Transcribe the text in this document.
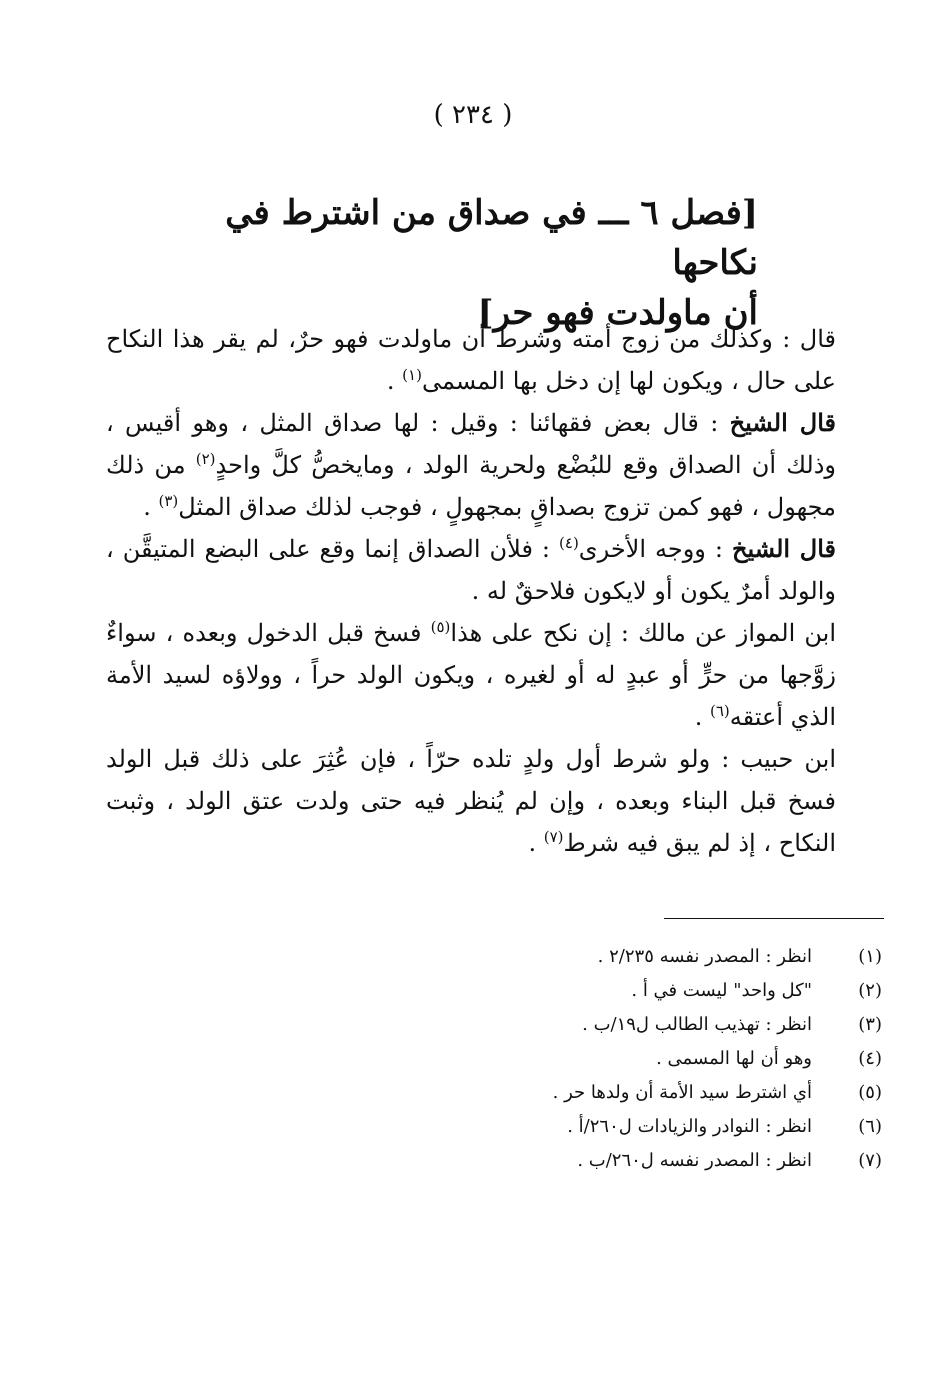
( ٢٣٤ )
[فصل ٦ ـــ في صداق من اشترط في نكاحها
أن ماولدت فهو حر]

قال : وكذلك من زوج أمته وشرط أن ماولدت فهو حرٌ، لم يقر هذا النكاح على حال ، ويكون لها إن دخل بها المسمى$^{(١)}$ .

قال الشيخ : قال بعض فقهائنا : وقيل : لها صداق المثل ، وهو أقيس ، وذلك أن الصداق وقع للبُضْع ولحرية الولد ، ومايخصُّ كلَّ واحدٍ$^{(٢)}$ من ذلك مجهول ، فهو كمن تزوج بصداقٍ بمجهولٍ ، فوجب لذلك صداق المثل$^{(٣)}$ .

قال الشيخ : ووجه الأخرى$^{(٤)}$ : فلأن الصداق إنما وقع على البضع المتيقَّن ، والولد أمرٌ يكون أو لايكون فلاحقٌ له .

ابن المواز عن مالك : إن نكح على هذا$^{(٥)}$ فسخ قبل الدخول وبعده ، سواءٌ زوَّجها من حرٍّ أو عبدٍ له أو لغيره ، ويكون الولد حراً ، وولاؤه لسيد الأمة الذي أعتقه$^{(٦)}$ .

ابن حبيب : ولو شرط أول ولدٍ تلده حرّاً ، فإن عُثِرَ على ذلك قبل الولد فسخ قبل البناء وبعده ، وإن لم يُنظر فيه حتى ولدت عتق الولد ، وثبت النكاح ، إذ لم يبق فيه شرط$^{(٧)}$ .

(١)
انظر : المصدر نفسه ٢/٢٣٥ .
(٢)
"كل واحد" ليست في أ .
(٣)
انظر : تهذيب الطالب ل١٩/ب .
(٤)
وهو أن لها المسمى .
(٥)
أي اشترط سيد الأمة أن ولدها حر .
(٦)
انظر : النوادر والزيادات ل٢٦٠/أ .
(٧)
انظر : المصدر نفسه ل٢٦٠/ب .
